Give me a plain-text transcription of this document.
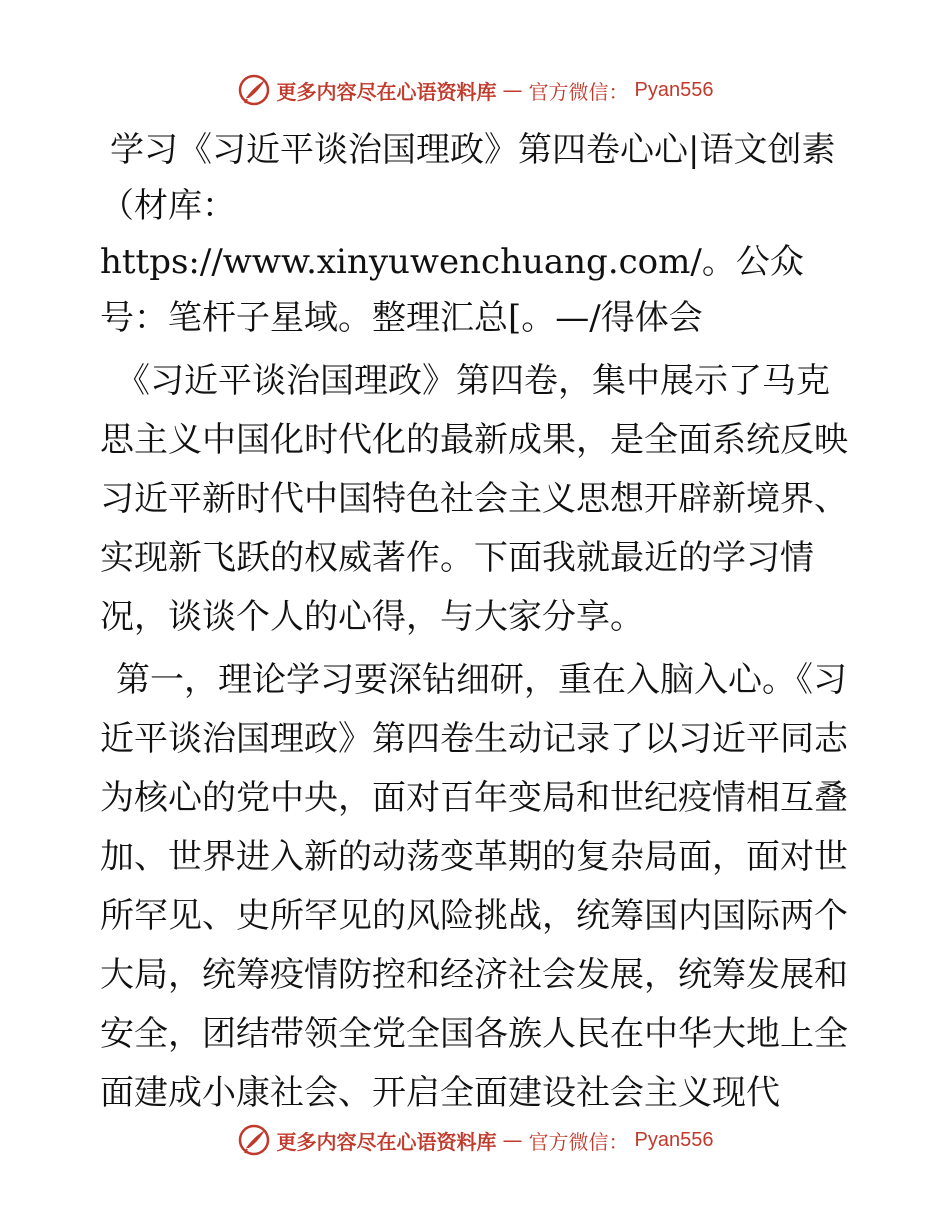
更多内容尽在心语资料库 — 官方微信： Pyan556
学习《习近平谈治国理政》第四卷心心|语文创素（材库：https://www.xinyuwenchuang.com/。公众号：笔杆子星域。整理汇总[。—/得体会

《习近平谈治国理政》第四卷，集中展示了马克思主义中国化时代化的最新成果，是全面系统反映习近平新时代中国特色社会主义思想开辟新境界、实现新飞跃的权威著作。下面我就最近的学习情况，谈谈个人的心得，与大家分享。

第一，理论学习要深钻细研，重在入脑入心。《习近平谈治国理政》第四卷生动记录了以习近平同志为核心的党中央，面对百年变局和世纪疫情相互叠加、世界进入新的动荡变革期的复杂局面，面对世所罕见、史所罕见的风险挑战，统筹国内国际两个大局，统筹疫情防控和经济社会发展，统筹发展和安全，团结带领全党全国各族人民在中华大地上全面建成小康社会、开启全面建设社会主义现代

更多内容尽在心语资料库 — 官方微信： Pyan556
